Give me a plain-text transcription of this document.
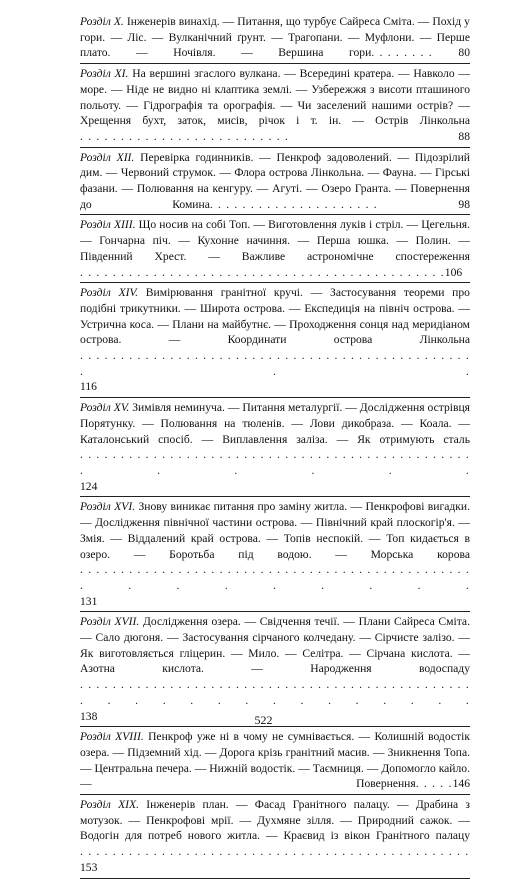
Розділ X. Інженерів винахід. — Питання, що турбує Сайреса Сміта. — Похід у гори. — Ліс. — Вулканічний ґрунт. — Трагопани. — Муфлони. — Перше плато. — Ночівля. — Вершина гори. . . . . . . . 80
Розділ XI. На вершині згаслого вулкана. — Всередині кратера. — Навколо — море. — Ніде не видно ні клаптика землі. — Узбережжя з висоти пташиного польоту. — Гідрографія та орографія. — Чи заселений нашими острів? — Хрещення бухт, заток, мисів, річок і т. ін. — Острів Лінкольна. . . . . . . . . . . . . . . . . . . . . . . . . .	88
Розділ XII. Перевірка годинників. — Пенкроф задоволений. — Підозрілий дим. — Червоний струмок. — Флора острова Лінкольна. — Фауна. — Гірські фазани. — Полювання на кенгуру. — Агуті. — Озеро Гранта. — Повернення до Комина. . . . . . . . . . . . . . . . . . . . .	98
Розділ XIII. Що носив на собі Топ. — Виготовлення луків і стріл. — Цегельня. — Гончарна піч. — Кухонне начиння. — Перша юшка. — Полин. — Південний Хрест. — Важливе астрономічне спостереження. . . . . . . . . . . . . . . . . . . . . . . . . . . . . . . . . . . . . . . . . . . . .106
Розділ XIV. Вимірювання гранітної кручі. — Застосування теореми про подібні трикутники. — Широта острова. — Експедиція на північ острова. — Устрична коса. — Плани на майбутнє. — Проходження сонця над меридіаном острова. — Координати острова Лінкольна. . . . . . . . . . . . . . . . . . . . . . . . . . . . . . . . . . . . . . . . . . . . . . . . . . .116
Розділ XV. Зимівля неминуча. — Питання металургії. — Дослідження острівця Порятунку. — Полювання на тюленів. — Лови дикобраза. — Коала. — Каталонський спосіб. — Виплавлення заліза. — Як отримують сталь. . . . . . . . . . . . . . . . . . . . . . . . . . . . . . . . . . . . . . . . . . . . . . . . . . . . . .124
Розділ XVI. Знову виникає питання про заміну житла. — Пенкрофові вигадки. — Дослідження північної частини острова. — Північний край плоскогір'я. — Змія. — Віддалений край острова. — Топів неспокій. — Топ кидається в озеро. — Боротьба під водою. — Морська корова. . . . . . . . . . . . . . . . . . . . . . . . . . . . . . . . . . . . . . . . . . . . . . . . . . . . . . . . .131
Розділ XVII. Дослідження озера. — Свідчення течії. — Плани Сайреса Сміта. — Сало дюгоня. — Застосування сірчаного колчедану. — Сірчисте залізо. — Як виготовляється гліцерин. — Мило. — Селітра. — Сірчана кислота. — Азотна кислота. — Народження водоспаду. . . . . . . . . . . . . . . . . . . . . . . . . . . . . . . . . . . . . . . . . . . . . . . . . . . . . . . . . . . . . . .138
Розділ XVIII. Пенкроф уже ні в чому не сумнівається. — Колишній водостік озера. — Підземний хід. — Дорога крізь гранітний масив. — Зникнення Топа. — Центральна печера. — Нижній водостік. — Таємниця. — Допомогло кайло. — Повернення. . . . .146
Розділ XIX. Інженерів план. — Фасад Гранітного палацу. — Драбина з мотузок. — Пенкрофові мрії. — Духмяне зілля. — Природний сажок. —Водогін для потреб нового житла. — Краєвид із вікон Гранітного палацу. . . . . . . . . . . . . . . . . . . . . . . . . . . . . . . . . . . . . . . . . . . . . . . .153
522
